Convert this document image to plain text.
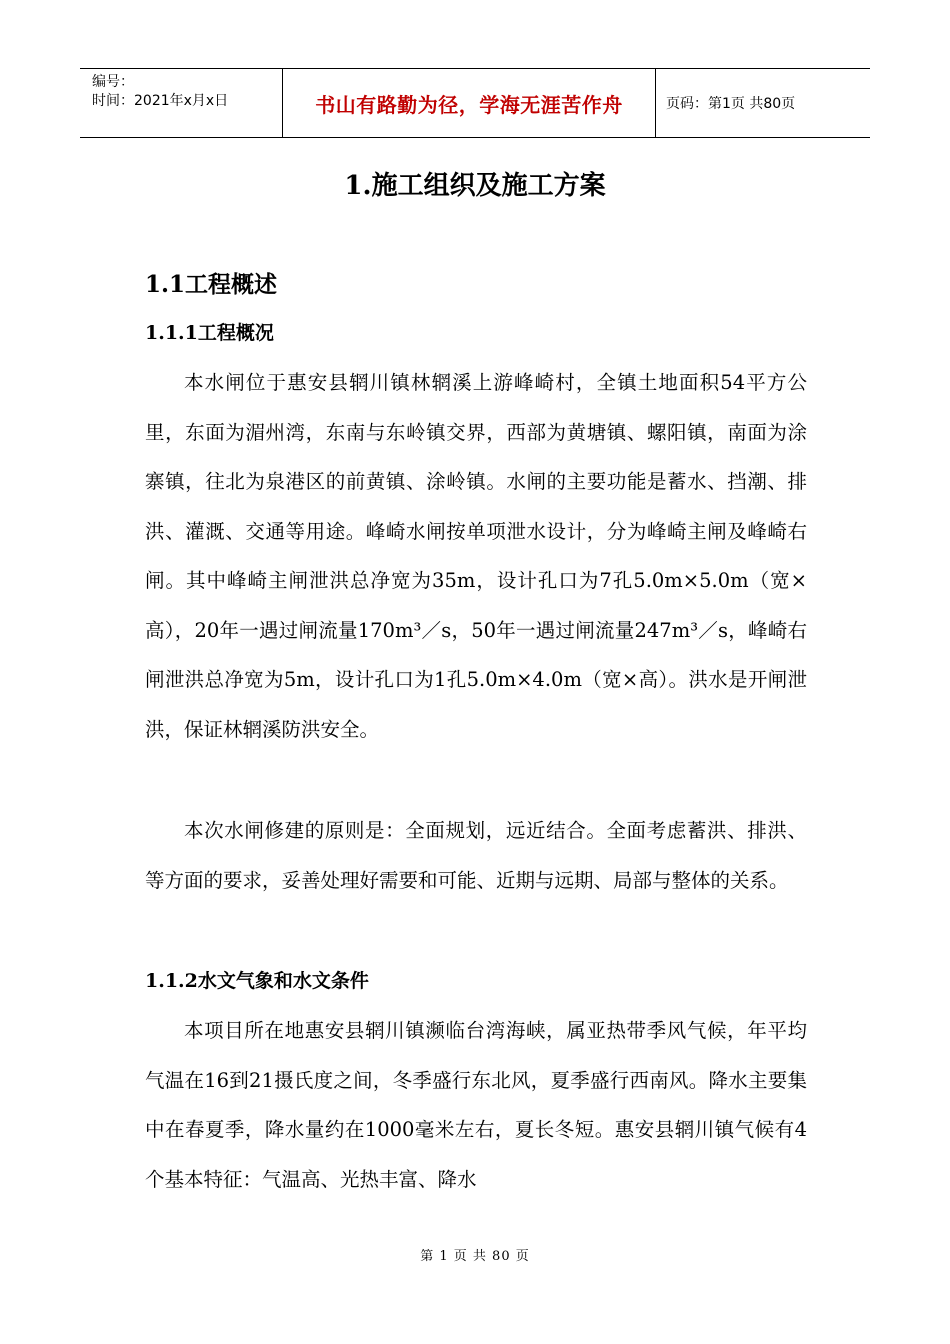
编号：
时间：2021年x月x日	书山有路勤为径，学海无涯苦作舟	页码：第1页 共80页
1.施工组织及施工方案
1.1工程概述
1.1.1工程概况

本水闸位于惠安县辋川镇林辋溪上游峰崎村，全镇土地面积54平方公里，东面为湄州湾，东南与东岭镇交界，西部为黄塘镇、螺阳镇，南面为涂寨镇，往北为泉港区的前黄镇、涂岭镇。水闸的主要功能是蓄水、挡潮、排洪、灌溉、交通等用途。峰崎水闸按单项泄水设计，分为峰崎主闸及峰崎右闸。其中峰崎主闸泄洪总净宽为35m，设计孔口为7孔5.0m×5.0m（宽×高），20年一遇过闸流量170m³／s，50年一遇过闸流量247m³／s，峰崎右闸泄洪总净宽为5m，设计孔口为1孔5.0m×4.0m（宽×高）。洪水是开闸泄洪，保证林辋溪防洪安全。

本次水闸修建的原则是：全面规划，远近结合。全面考虑蓄洪、排洪、等方面的要求，妥善处理好需要和可能、近期与远期、局部与整体的关系。

1.1.2水文气象和水文条件

本项目所在地惠安县辋川镇濒临台湾海峡，属亚热带季风气候，年平均气温在16到21摄氏度之间，冬季盛行东北风，夏季盛行西南风。降水主要集中在春夏季，降水量约在1000毫米左右，夏长冬短。惠安县辋川镇气候有4个基本特征：气温高、光热丰富、降水

第 1 页 共 80 页
